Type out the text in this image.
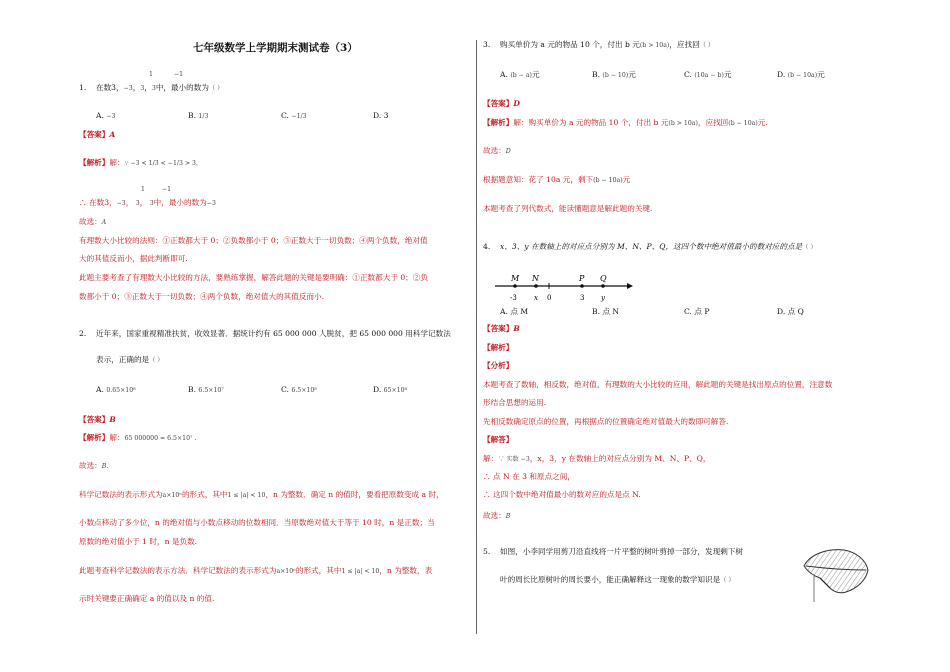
七年级数学上学期期末测试卷（3）
1	−1
1. 在数3，−3，3，3中，最小的数为（ ）
A. −3	B. 1/3	C. −1/3	D. 3
【答案】A
【解析】解：∵ −3 < 1/3 < −1/3 > 3，
1	−1
∴ 在数3，−3， 3， 3中，最小的数为−3
故选：A
有理数大小比较的法则：①正数都大于 0；②负数都小于 0；③正数大于一切负数；④两个负数，绝对值
大的其值反而小，据此判断即可.
此题主要考查了有理数大小比较的方法，要熟练掌握，解答此题的关键是要明确：①正数都大于 0；②负
数都小于 0；③正数大于一切负数；④两个负数，绝对值大的其值反而小.
2. 近年来，国家重视精准扶贫，收效显著．据统计约有 65 000 000 人脱贫，把 65 000 000 用科学记数法
表示，正确的是（ ）
A. 0.65×10⁸	B. 6.5×10⁷	C. 6.5×10⁸	D. 65×10⁶
【答案】B
【解析】解：65 000000 = 6.5×10⁷ .
故选：B.
科学记数法的表示形式为a×10ⁿ的形式，其中1 ≤ |a| < 10，n 为整数．确定 n 的值时，要看把原数变成 a 时，
小数点移动了多少位，n 的绝对值与小数点移动的位数相同．当原数绝对值大于等于 10 时，n 是正数；当
原数的绝对值小于 1 时，n 是负数.
此题考查科学记数法的表示方法．科学记数法的表示形式为a×10ⁿ的形式，其中1 ≤ |a| < 10，n 为整数，表
示时关键要正确确定 a 的值以及 n 的值.
3. 购买单价为 a 元的物品 10 个，付出 b 元(b > 10a)，应找回（ ）
A. (b − a)元	B. (b − 10)元	C. (10a − b)元	D. (b − 10a)元
【答案】D
【解析】解：购买单价为 a 元的物品 10 个，付出 b 元(b > 10a)，应找回(b − 10a)元.
故选：D
根据题意知：花了 10a 元，剩下(b − 10a)元
本题考查了列代数式，能读懂题意是解此题的关键.
4. x、3、y 在数轴上的对应点分别为 M、N、P、Q，这四个数中绝对值最小的数对应的点是（ ）
M N	P Q
-3 x 0	3 y
A. 点 M	B. 点 N	C. 点 P	D. 点 Q
【答案】B
【解析】
【分析】
本题考查了数轴，相反数，绝对值，有理数的大小比较的应用，解此题的关键是找出原点的位置，注意数
形结合思想的运用.
先相反数确定原点的位置，再根据点的位置确定绝对值最大的数即可解答.
【解答】
解：∵ 实数 −3，x，3，y 在数轴上的对应点分别为 M、N、P、Q，
∴ 点 N 在 3 和原点之间，
∴ 这四个数中绝对值最小的数对应的点是点 N.
故选：B
5. 如图，小李同学用剪刀沿直线将一片平整的树叶剪掉一部分，发现剩下树
叶的周长比原树叶的周长要小，能正确解释这一现象的数学知识是（ ）
